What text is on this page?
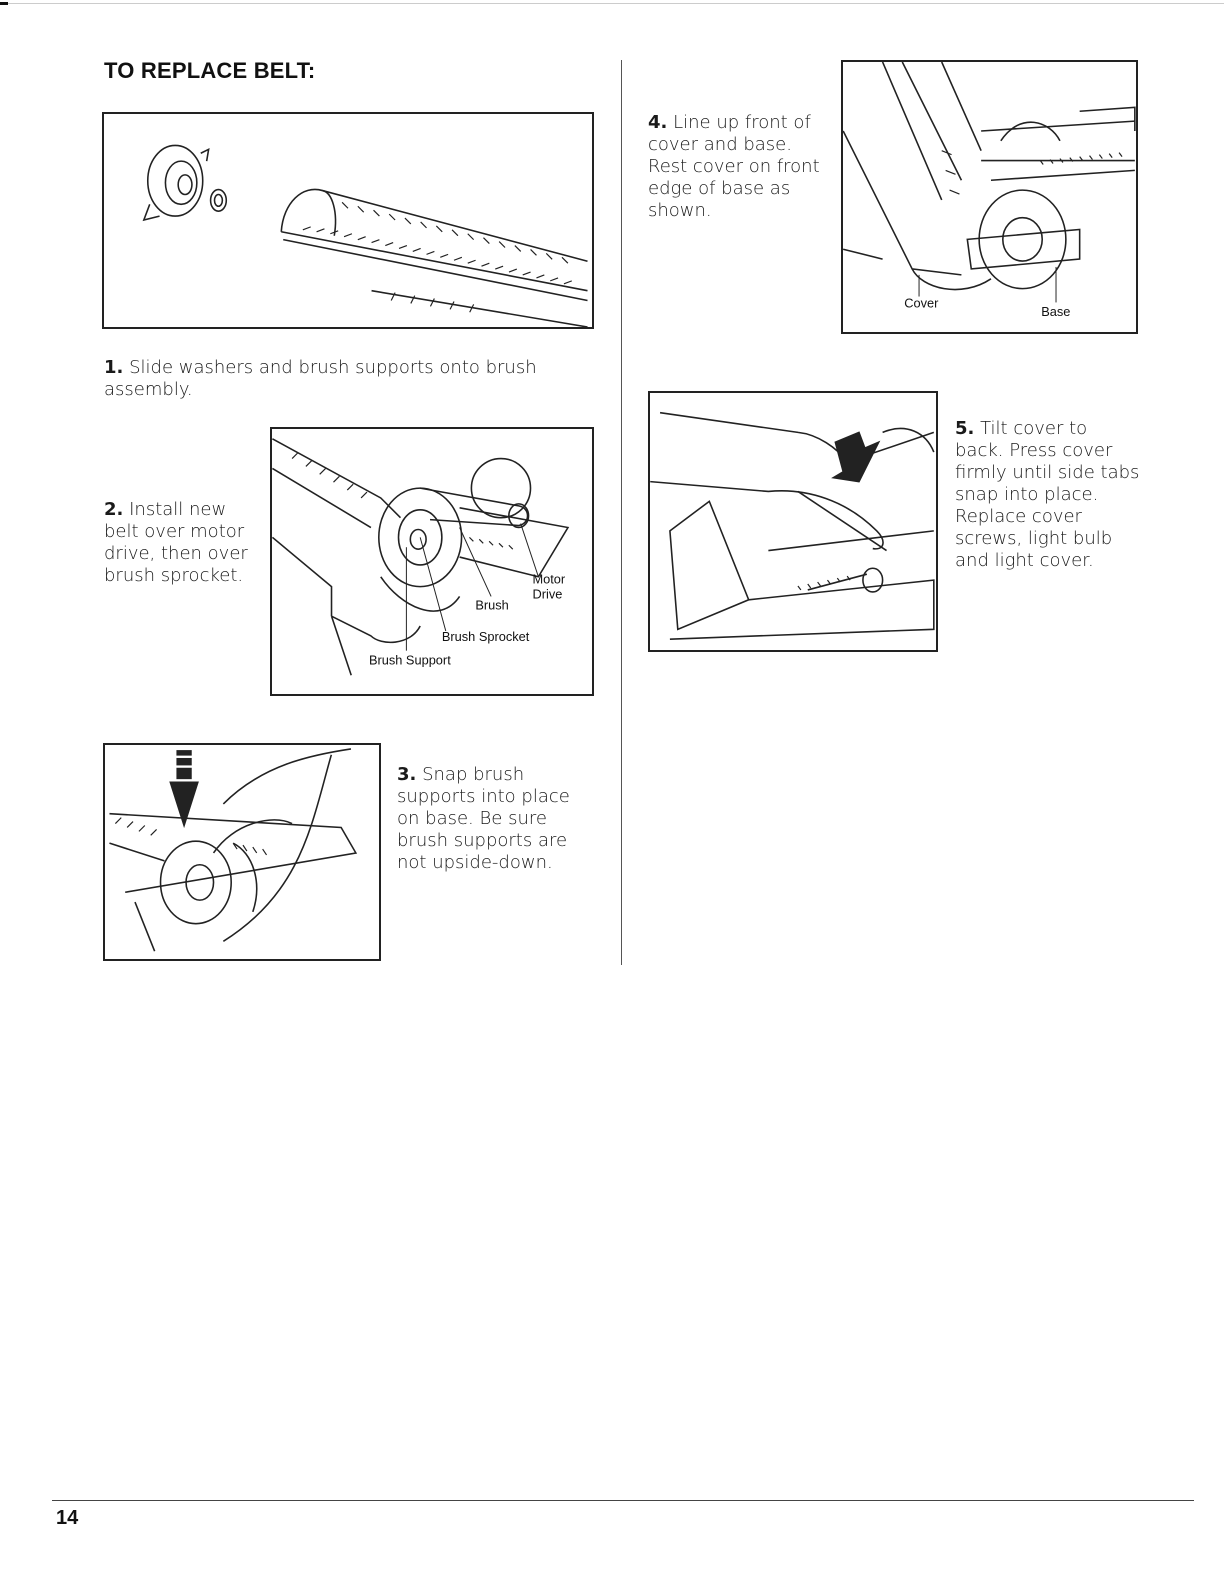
TO REPLACE BELT:
1. Slide washers and brush supports onto brush assembly.
2. Install new belt over motor drive, then over brush sprocket.	Motor
Drive
Brush
Brush Sprocket
Brush Support
3. Snap brush supports into place on base. Be sure brush supports are not upside-down.
4. Line up front of cover and base. Rest cover on front edge of base as shown.
Cover
Base
5. Tilt cover to back. Press cover firmly until side tabs snap into place. Replace cover screws, light bulb and light cover.
14
